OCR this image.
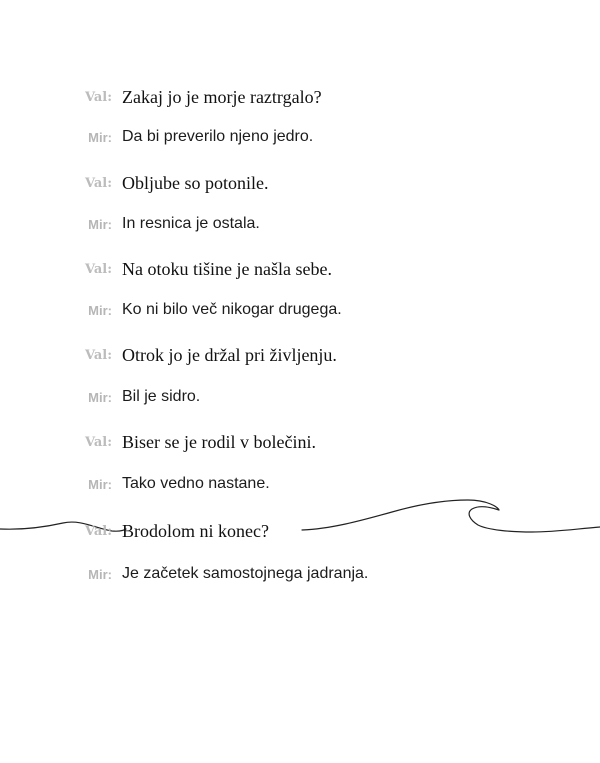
Val: Zakaj jo je morje raztrgalo?
Mir: Da bi preverilo njeno jedro.
Val: Obljube so potonile.
Mir: In resnica je ostala.
Val: Na otoku tišine je našla sebe.
Mir: Ko ni bilo več nikogar drugega.
Val: Otrok jo je držal pri življenju.
Mir: Bil je sidro.
Val: Biser se je rodil v bolečini.
Mir: Tako vedno nastane.
Val: Brodolom ni konec?
Mir: Je začetek samostojnega jadranja.
